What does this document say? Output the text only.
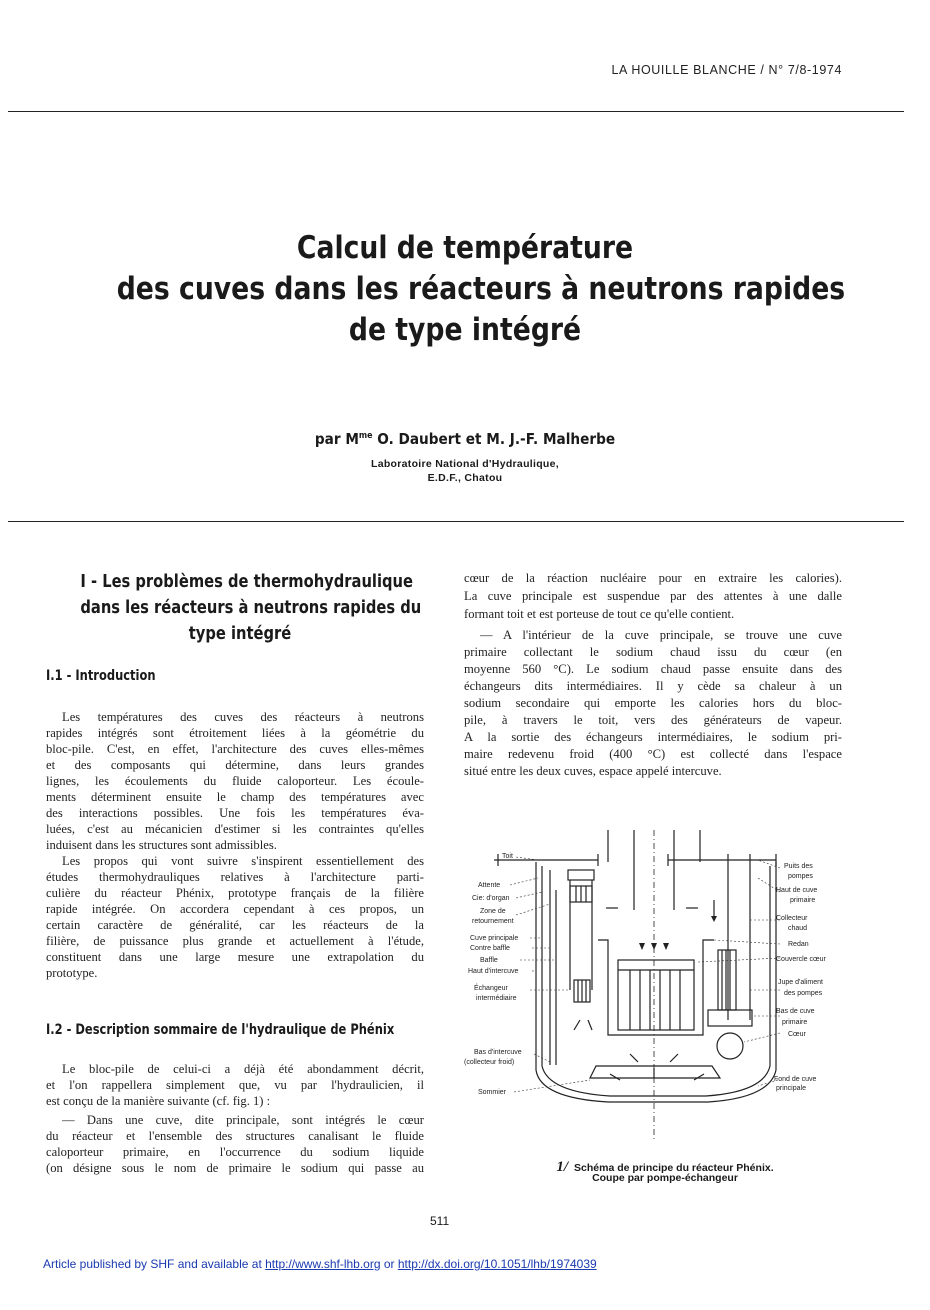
LA HOUILLE BLANCHE / N° 7/8-1974
Calcul de température
des cuves dans les réacteurs à neutrons rapides
de type intégré
par $M^{me}$ O. Daubert et M. J.-F. Malherbe
Laboratoire National d'Hydraulique,
E.D.F., Chatou
I - Les problèmes de thermohydraulique
dans les réacteurs à neutrons rapides du
type intégré
I.1 - Introduction
Les températures des cuves des réacteurs à neutrons
rapides intégrés sont étroitement liées à la géométrie du
bloc-pile. C'est, en effet, l'architecture des cuves elles-mêmes
et des composants qui détermine, dans leurs grandes
lignes, les écoulements du fluide caloporteur. Les écoule-
ments déterminent ensuite le champ des températures avec
des interactions possibles. Une fois les températures éva-
luées, c'est au mécanicien d'estimer si les contraintes qu'elles
induisent dans les structures sont admissibles.
Les propos qui vont suivre s'inspirent essentiellement des
études thermohydrauliques relatives à l'architecture parti-
culière du réacteur Phénix, prototype français de la filière
rapide intégrée. On accordera cependant à ces propos, un
certain caractère de généralité, car les réacteurs de la
filière, de puissance plus grande et actuellement à l'étude,
constituent dans une large mesure une extrapolation du
prototype.
I.2 - Description sommaire de l'hydraulique de Phénix
Le bloc-pile de celui-ci a déjà été abondamment décrit,
et l'on rappellera simplement que, vu par l'hydraulicien, il
est conçu de la manière suivante (cf. fig. 1) :
— Dans une cuve, dite principale, sont intégrés le cœur
du réacteur et l'ensemble des structures canalisant le fluide
caloporteur primaire, en l'occurrence du sodium liquide
(on désigne sous le nom de primaire le sodium qui passe au
cœur de la réaction nucléaire pour en extraire les calories).
La cuve principale est suspendue par des attentes à une dalle
formant toit et est porteuse de tout ce qu'elle contient.
— A l'intérieur de la cuve principale, se trouve une cuve
primaire collectant le sodium chaud issu du cœur (en
moyenne 560 °C). Le sodium chaud passe ensuite dans des
échangeurs dits intermédiaires. Il y cède sa chaleur à un
sodium secondaire qui emporte les calories hors du bloc-
pile, à travers le toit, vers des générateurs de vapeur.
A la sortie des échangeurs intermédiaires, le sodium pri-
maire redevenu froid (400 °C) est collecté dans l'espace
situé entre les deux cuves, espace appelé intercuve.
Toit
Attente
Cie: d'organ
Zone de
retournement
Cuve principale
Contre baffle
Baffle
Haut d'intercuve
Échangeur
intermédiaire
Bas d'intercuve
(collecteur froid)
Sommier
Puits des
pompes
Haut de cuve
primaire
Collecteur
chaud
Redan
Couvercle cœur
Jupe d'aliment
des pompes
Bas de cuve
primaire
Cœur
Fond de cuve
principale
1/ Schéma de principe du réacteur Phénix.
Coupe par pompe-échangeur
511
Article published by SHF and available at http://www.shf-lhb.org or http://dx.doi.org/10.1051/lhb/1974039
